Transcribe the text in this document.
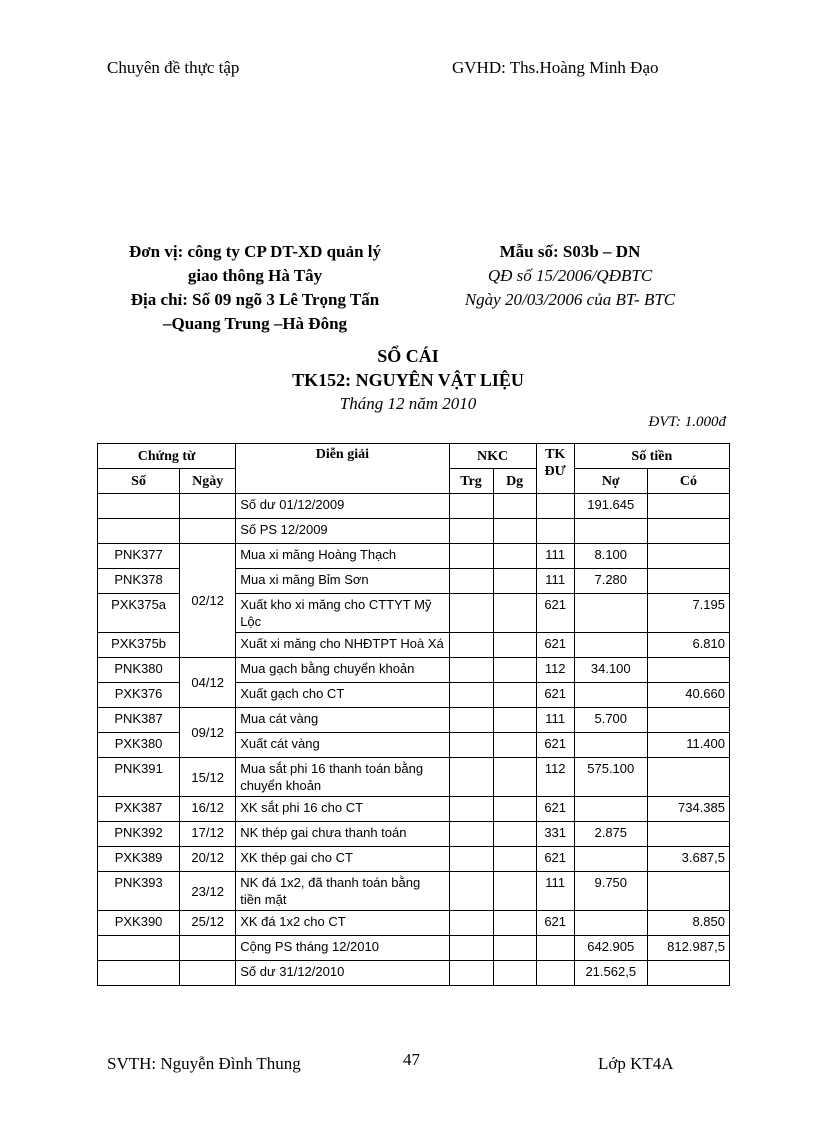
Chuyên đề thực tập	GVHD: Ths.Hoàng Minh Đạo
Đơn vị: công ty CP DT-XD quản lý
giao thông Hà Tây
Địa chỉ: Số 09 ngõ 3 Lê Trọng Tấn
–Quang Trung –Hà Đông
Mẫu số: S03b – DN
QĐ số 15/2006/QĐBTC
Ngày 20/03/2006 của BT- BTC
SỔ CÁI
TK152: NGUYÊN VẬT LIỆU
Tháng 12 năm 2010
ĐVT: 1.000đ
Chứng từ		Diễn giải	NKC		TK ĐƯ	Số tiền	
Số	Ngày		Trg	Dg		Nợ	Có
		Số dư 01/12/2009				191.645	
		Số PS 12/2009					
PNK377	02/12	Mua xi măng Hoàng Thạch			111	8.100	
PNK378		Mua xi măng Bỉm Sơn			111	7.280	
PXK375a		Xuất kho xi măng cho CTTYT Mỹ Lộc			621		7.195
PXK375b		Xuất xi măng cho NHĐTPT Hoà Xá			621		6.810
PNK380	04/12	Mua gạch bằng chuyển khoản			112	34.100	
PXK376		Xuất gạch cho CT			621		40.660
PNK387	09/12	Mua cát vàng			111	5.700	
PXK380		Xuất cát vàng			621		11.400
PNK391	15/12	Mua sắt phi 16 thanh toán bằng chuyển khoản			112	575.100	
PXK387	16/12	XK sắt phi 16 cho CT			621		734.385
PNK392	17/12	NK thép gai chưa thanh toán			331	2.875	
PXK389	20/12	XK thép gai cho CT			621		3.687,5
PNK393	23/12	NK đá 1x2, đã thanh toán bằng tiền mặt			111	9.750	
PXK390	25/12	XK đá 1x2 cho CT			621		8.850
		Cộng PS tháng 12/2010				642.905	812.987,5
		Số dư 31/12/2010				21.562,5	
SVTH: Nguyễn Đình Thung	47	Lớp KT4A
